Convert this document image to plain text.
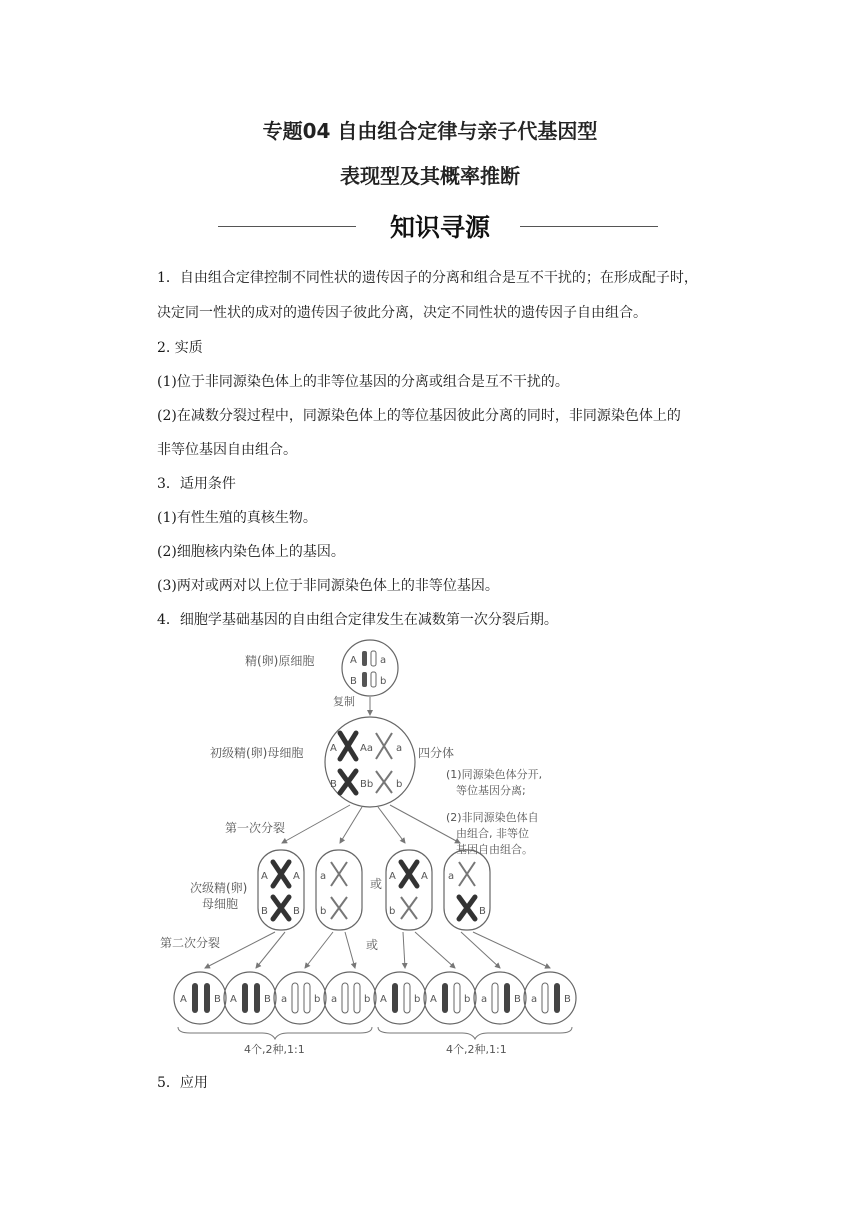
专题04 自由组合定律与亲子代基因型
表现型及其概率推断
知识寻源
1．自由组合定律控制不同性状的遗传因子的分离和组合是互不干扰的；在形成配子时，
决定同一性状的成对的遗传因子彼此分离，决定不同性状的遗传因子自由组合。
2. 实质
(1)位于非同源染色体上的非等位基因的分离或组合是互不干扰的。
(2)在减数分裂过程中，同源染色体上的等位基因彼此分离的同时，非同源染色体上的
非等位基因自由组合。
3．适用条件
(1)有性生殖的真核生物。
(2)细胞核内染色体上的基因。
(3)两对或两对以上位于非同源染色体上的非等位基因。
4．细胞学基础基因的自由组合定律发生在减数第一次分裂后期。
5．应用
精(卵)原细胞	A a
B b
复制
初级精(卵)母细胞	A Aa a
B Bb b
四分体
(1)同源染色体分开,
等位基因分离;
(2)非同源染色体自
由组合, 非等位
基因自由组合。
第一次分裂
次级精(卵)
母细胞
或
A	A
B	B
a
b
A	A
b
a
B
第二次分裂	或
A	B A	B a	b a	b A	b A	b a	B a	B
4个,2种,1:1	4个,2种,1:1
